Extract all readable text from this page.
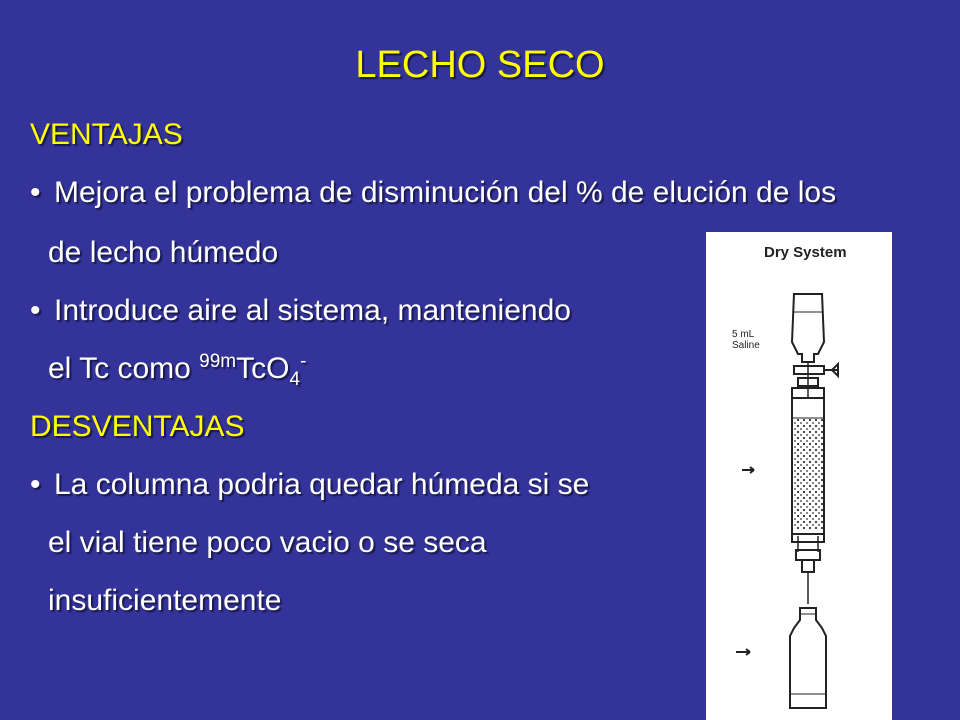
LECHO SECO
VENTAJAS
• Mejora el problema de disminución del % de elución de los
de lecho húmedo
• Introduce aire al sistema, manteniendo
el Tc como $^{99m}$TcO$_4$-
DESVENTAJAS
• La columna podria quedar húmeda si se
el vial tiene poco vacio o se seca
insuficientemente
Dry System
5 mL
Saline
